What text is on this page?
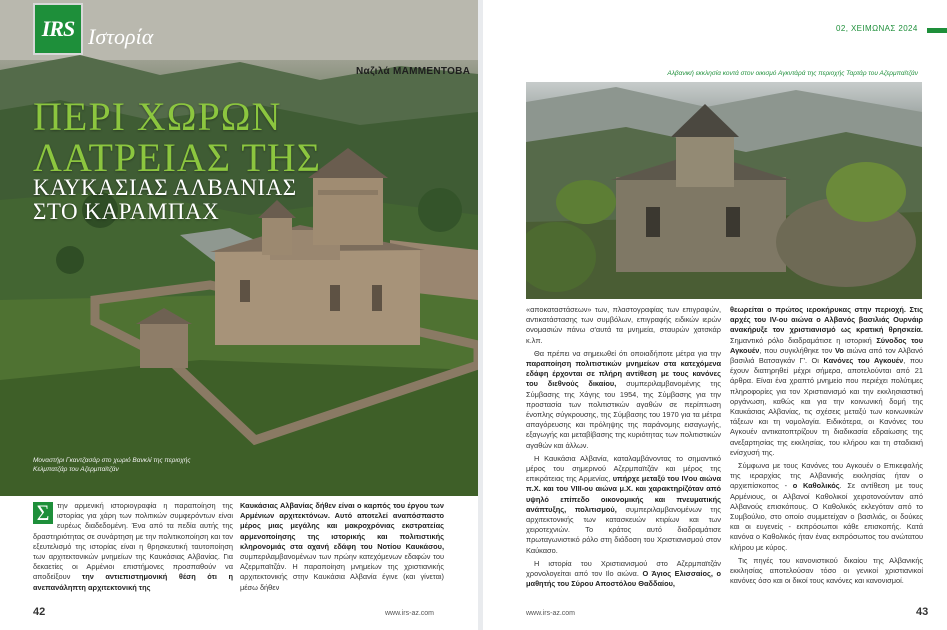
IRS Ιστορία
Nαζιλά ΜΑΜΜΕΝΤΟΒΑ
ΠΕΡΙ ΧΩΡΩΝ ΛΑΤΡΕΙΑΣ ΤΗΣ
ΚΑΥΚΑΣΙΑΣ ΑΛΒΑΝΙΑΣ ΣΤΟ ΚΑΡΑΜΠΑΧ
Μοναστήρι Γκαντζασάρ στο χωριό Βανκλί της περιοχής Κελμπατζάρ του Αζερμπαϊτζάν
Σ	την αρμενική ιστοριογραφία η παραποίηση της ιστορίας για χάρη των πολιτικών συμφερόντων είναι ευρέως διαδεδομένη. Ένα από τα πεδία αυτής της δραστηριότητας σε συνάρτηση με την πολιτικοποίηση και τον εξευτελισμό της ιστορίας είναι η θρησκευτική ταυτοποίηση των αρχιτεκτονικών μνημείων της Καυκάσιας Αλβανίας. Για δεκαετίες οι Αρμένιοι επιστήμονες προσπαθούν να αποδείξουν την αντιεπιστημονική θέση ότι η ανεπανάληπτη αρχιτεκτονική της
Καυκάσιας Αλβανίας δήθεν είναι ο καρπός του έργου των Αρμένιων αρχιτεκτόνων. Αυτό αποτελεί αναπόσπαστο μέρος μιας μεγάλης και μακροχρόνιας εκστρατείας αρμενοποίησης της ιστορικής και πολιτιστικής κληρονομιάς στα αχανή εδάφη του Νοτίου Καυκάσου, συμπεριλαμβανομένων των πρώην κατεχόμενων εδαφών του Αζερμπαϊτζάν. Η παραποίηση μνημείων της χριστιανικής αρχιτεκτονικής στην Καυκάσια Αλβανία έγινε (και γίνεται) μέσω δήθεν
42	www.irs-az.com
02, ΧΕΙΜΩΝΑΣ 2024
Αλβανική εκκλησία κοντά στον οικισμό Αγκντάρά της περιοχής Ταρτάρ του Αζερμπαϊτζάν

«αποκαταστάσεων» των, πλαστογραφίας των επιγραφών, αντικατάστασης των συμβόλων, επιγραφής ειδικών ιερών ονομασιών πάνω σ'αυτά τα μνημεία, σταυρών χατσκάρ κ.λπ.

Θα πρέπει να σημειωθεί ότι οποιαδήποτε μέτρα για την παραποίηση πολιτιστικών μνημείων στα κατεχόμενα εδάφη έρχονται σε πλήρη αντίθεση με τους κανόνες του διεθνούς δικαίου, συμπεριλαμβανομένης της Σύμβασης της Χάγης του 1954, της Σύμβασης για την προστασία των πολιτιστικών αγαθών σε περίπτωση ένοπλης σύγκρουσης, της Σύμβασης του 1970 για τα μέτρα απαγόρευσης και πρόληψης της παράνομης εισαγωγής, εξαγωγής και μεταβίβασης της κυριότητας των πολιτιστικών αγαθών και άλλων.

Η Καυκάσια Αλβανία, καταλαμβάνοντας το σημαντικό μέρος του σημερινού Αζερμπαϊτζάν και μέρος της επικράτειας της Αρμενίας, υπήρχε μεταξύ του IVου αιώνα π.Χ. και του VIII-ου αιώνα μ.Χ. και χαρακτηρίζόταν από υψηλό επίπεδο οικονομικής και πνευματικής ανάπτυξης, πολιτισμού, συμπεριλαμβανομένων της αρχιτεκτονικής των κατασκευών κτιρίων και των χειροτεχνιών. Το κράτος αυτό διαδραμάτισε πρωταγωνιστικό ρόλο στη διάδοση του Χριστιανισμού στον Καύκασο.

Η ιστορία του Χριστιανισμού στο Αζερμπαϊτζάν χρονολογείται από τον Ιlo αιώνα. Ο Άγιος Ελισσαίος, ο μαθητής του Σύρου Αποστόλου Θαδδαίου,

θεωρείται ο πρώτος ιεροκήρυκας στην περιοχή. Στις αρχές του IV-ου αιώνα ο Αλβανός βασιλιάς Ουρνάιρ ανακήρυξε τον χριστιανισμό ως κρατική θρησκεία. Σημαντικό ρόλο διαδραμάτισε η ιστορική Σύνοδος του Αγκουέν, που συγκλήθηκε τον Vo αιώνα από τον Αλβανό βασιλιά Βατσαγκάν Γ'. Οι Κανόνες του Αγκουέν, που έχουν διατηρηθεί μέχρι σήμερα, αποτελούνται από 21 άρθρα. Είναι ένα χραπτό μνημείο που περιέχει πολύτιμες πληροφορίες για τον Χριστιανισμό και την εκκλησιαστική οργάνωση, καθώς και για την κοινωνική δομή της Καυκάσιας Αλβανίας, τις σχέσεις μεταξύ των κοινωνικών τάξεων και τη νομολογία. Ειδικότερα, οι Κανόνες του Αγκουέν αντικατοπτρίζουν τη διαδικασία εδραίωσης της ανεξαρτησίας της εκκλησίας, του κλήρου και τη σταδιακή ενίσχυσή της.

Σύμφωνα με τους Κανόνες του Αγκουέν ο Επικεφαλής της ιεραρχίας της Αλβανικής εκκλησίας ήταν ο αρχιεπίσκοπος - ο Καθολικός. Σε αντίθεση με τους Αρμένιους, οι Αλβανοί Καθολικοί χειροτονούνταν από Αλβανούς επισκόπους. Ο Καθολικός εκλεγόταν από το Συμβούλιο, στο οποίο συμμετείχαν ο βασιλιάς, οι δούκες και οι ευγενείς - εκπρόσωποι κάθε επισκοπής. Κατά κανόνα ο Καθολικός ήταν ένας εκπρόσωπος του ανώτατου κλήρου με κύρος.

Τις πηγές του κανονιστικού δικαίου της Αλβανικής εκκλησίας αποτελούσαν τόσο οι γενικοί χριστιανικοί κανόνες όσο και οι δικοί τους κανόνες και κανονισμοί.

www.irs-az.com	43
